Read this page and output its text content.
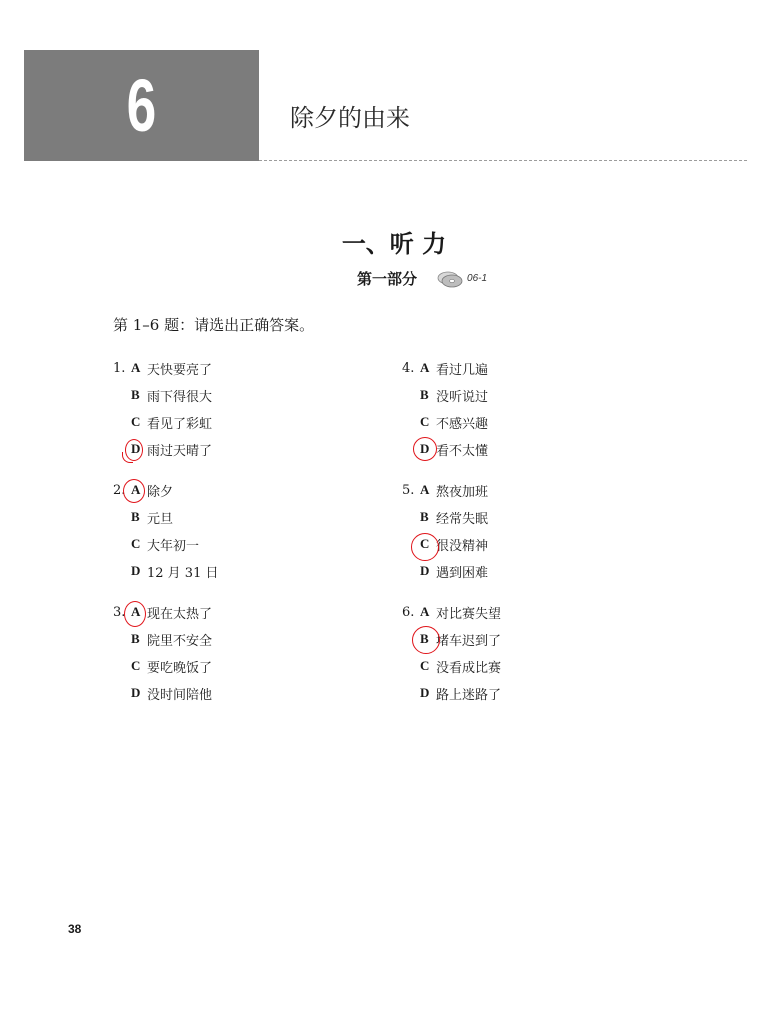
6	除夕的由来
一、听 力
第一部分	06-1
第 1–6 题：请选出正确答案。
1. A 天快要亮了
B 雨下得很大
C 看见了彩虹
D 雨过天晴了
2. A 除夕
B 元旦
C 大年初一
D 12 月 31 日
3. A 现在太热了
B 院里不安全
C 要吃晚饭了
D 没时间陪他
4. A 看过几遍
B 没听说过
C 不感兴趣
D 看不太懂
5. A 熬夜加班
B 经常失眠
C 很没精神
D 遇到困难
6. A 对比赛失望
B 堵车迟到了
C 没看成比赛
D 路上迷路了
38
